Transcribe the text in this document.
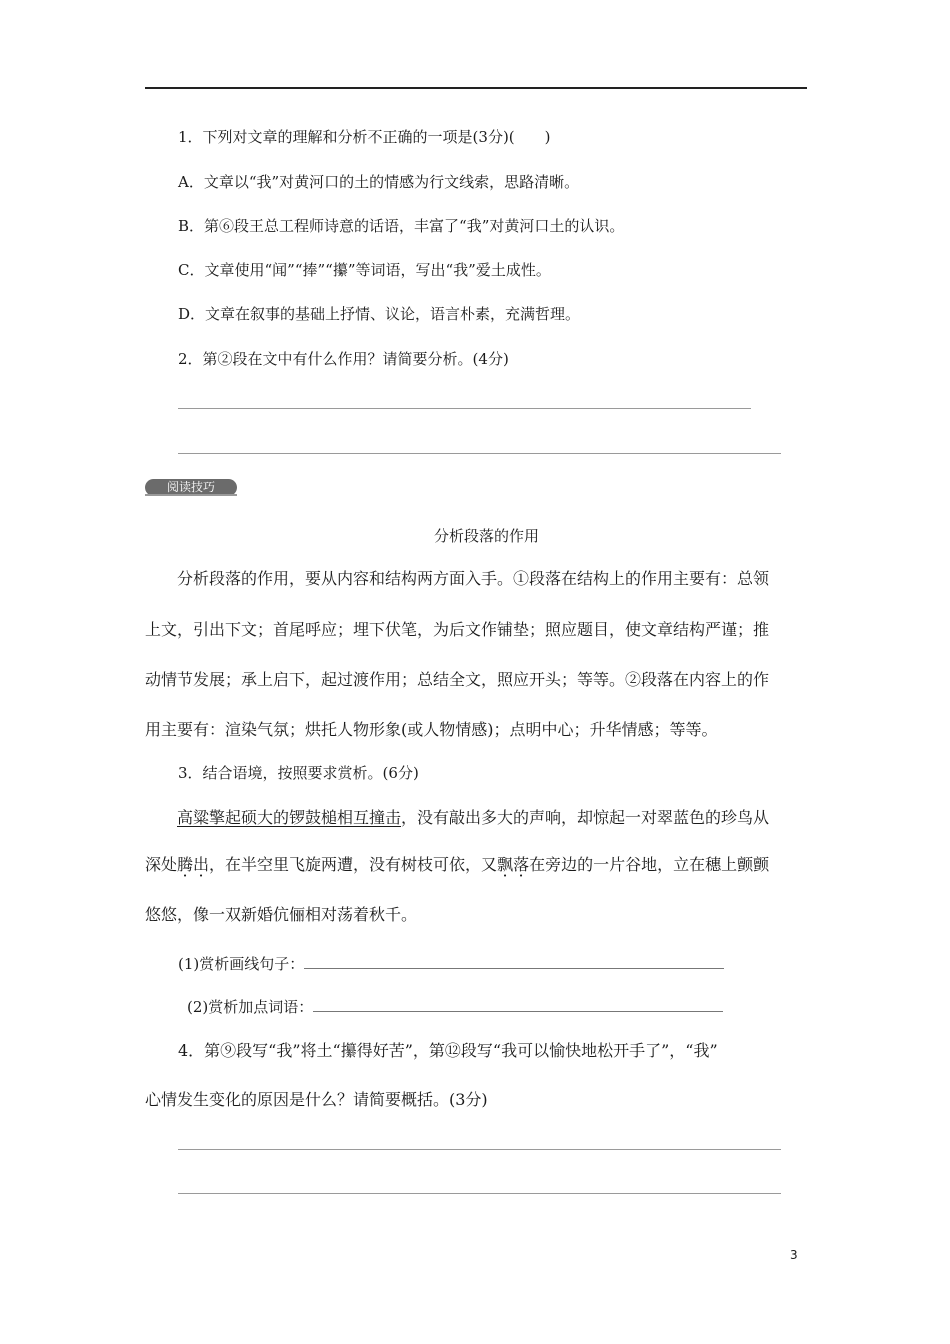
1．下列对文章的理解和分析不正确的一项是(3分)(　　)
A．文章以“我”对黄河口的土的情感为行文线索，思路清晰。
B．第⑥段王总工程师诗意的话语，丰富了“我”对黄河口土的认识。
C．文章使用“闻”“捧”“攥”等词语，写出“我”爱土成性。
D．文章在叙事的基础上抒情、议论，语言朴素，充满哲理。
2．第②段在文中有什么作用？请简要分析。(4分)
阅读技巧
分析段落的作用
　　分析段落的作用，要从内容和结构两方面入手。①段落在结构上的作用主要有：总领
上文，引出下文；首尾呼应；埋下伏笔，为后文作铺垫；照应题目，使文章结构严谨；推
动情节发展；承上启下，起过渡作用；总结全文，照应开头；等等。②段落在内容上的作
用主要有：渲染气氛；烘托人物形象(或人物情感)；点明中心；升华情感；等等。
3．结合语境，按照要求赏析。(6分)
高粱擎起硕大的锣鼓槌相互撞击，没有敲出多大的声响，却惊起一对翠蓝色的珍鸟从
深处腾出，在半空里飞旋两遭，没有树枝可依，又飘落在旁边的一片谷地，立在穗上颤颤
悠悠，像一双新婚伉俪相对荡着秋千。
(1)赏析画线句子：
(2)赏析加点词语：
4．第⑨段写“我”将土“攥得好苦”，第⑫段写“我可以愉快地松开手了”，“我”
心情发生变化的原因是什么？请简要概括。(3分)
3
